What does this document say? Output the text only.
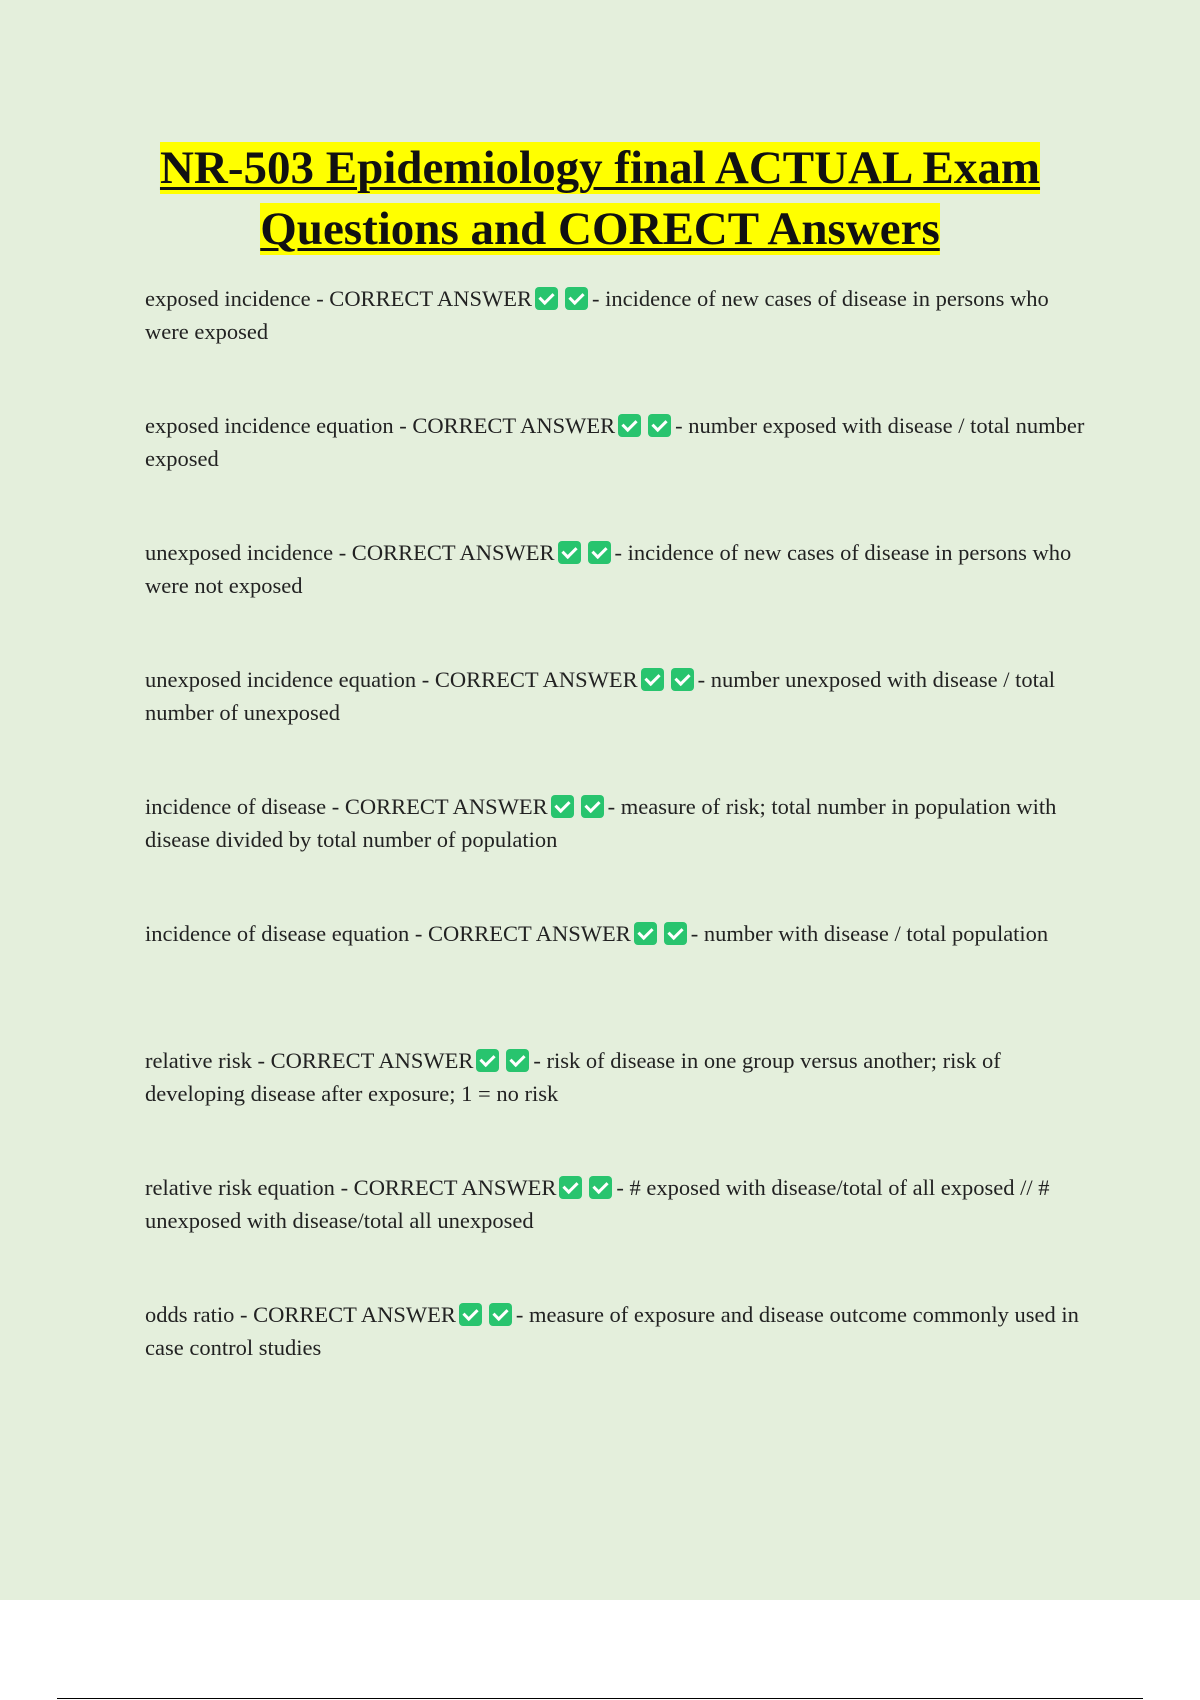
NR-503 Epidemiology final ACTUAL Exam
Questions and CORECT Answers
exposed incidence - CORRECT ANSWER	- incidence of new cases of disease in persons who were exposed
exposed incidence equation - CORRECT ANSWER	- number exposed with disease / total number exposed
unexposed incidence - CORRECT ANSWER	- incidence of new cases of disease in persons who were not exposed
unexposed incidence equation - CORRECT ANSWER	- number unexposed with disease / total number of unexposed
incidence of disease - CORRECT ANSWER	- measure of risk; total number in population with disease divided by total number of population
incidence of disease equation - CORRECT ANSWER	- number with disease / total population
relative risk - CORRECT ANSWER	- risk of disease in one group versus another; risk of developing disease after exposure; 1 = no risk
relative risk equation - CORRECT ANSWER	- # exposed with disease/total of all exposed // # unexposed with disease/total all unexposed
odds ratio - CORRECT ANSWER	- measure of exposure and disease outcome commonly used in case control studies
